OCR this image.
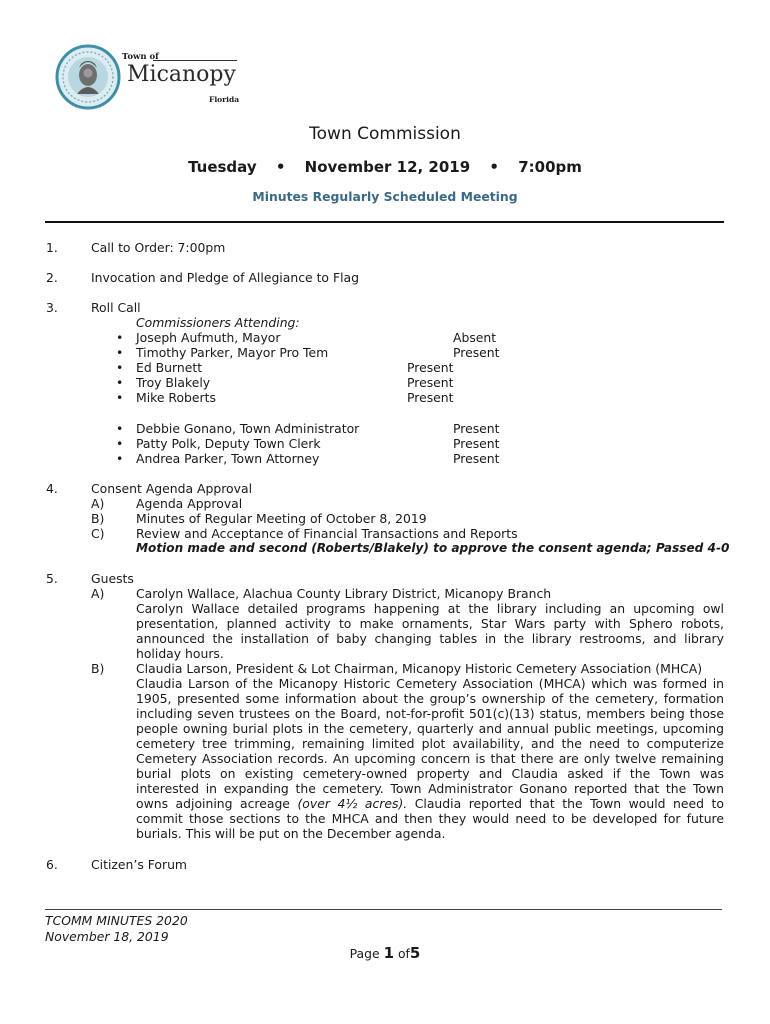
Town of
Micanopy
Florida
Town Commission
Tuesday • November 12, 2019 • 7:00pm
Minutes Regularly Scheduled Meeting
1.	Call to Order: 7:00pm
2.	Invocation and Pledge of Allegiance to Flag
3.	Roll Call
Commissioners Attending:
• Joseph Aufmuth, Mayor	Absent
• Timothy Parker, Mayor Pro Tem	Present
• Ed Burnett	Present
• Troy Blakely	Present
• Mike Roberts	Present
• Debbie Gonano, Town Administrator	Present
• Patty Polk, Deputy Town Clerk	Present
• Andrea Parker, Town Attorney	Present
4.	Consent Agenda Approval
A)	Agenda Approval
B)	Minutes of Regular Meeting of October 8, 2019
C)	Review and Acceptance of Financial Transactions and Reports
Motion made and second (Roberts/Blakely) to approve the consent agenda; Passed 4-0
5.	Guests
A)	Carolyn Wallace, Alachua County Library District, Micanopy Branch
Carolyn Wallace detailed programs happening at the library including an upcoming owl
presentation, planned activity to make ornaments, Star Wars party with Sphero robots,
announced the installation of baby changing tables in the library restrooms, and library
holiday hours.
B)	Claudia Larson, President & Lot Chairman, Micanopy Historic Cemetery Association (MHCA)
Claudia Larson of the Micanopy Historic Cemetery Association (MHCA) which was formed in
1905, presented some information about the group’s ownership of the cemetery, formation
including seven trustees on the Board, not-for-profit 501(c)(13) status, members being those
people owning burial plots in the cemetery, quarterly and annual public meetings, upcoming
cemetery tree trimming, remaining limited plot availability, and the need to computerize
Cemetery Association records. An upcoming concern is that there are only twelve remaining
burial plots on existing cemetery-owned property and Claudia asked if the Town was
interested in expanding the cemetery. Town Administrator Gonano reported that the Town
owns adjoining acreage (over 4½ acres). Claudia reported that the Town would need to
commit those sections to the MHCA and then they would need to be developed for future
burials. This will be put on the December agenda.
6.	Citizen’s Forum
TCOMM MINUTES 2020
November 18, 2019
Page 1 of5
